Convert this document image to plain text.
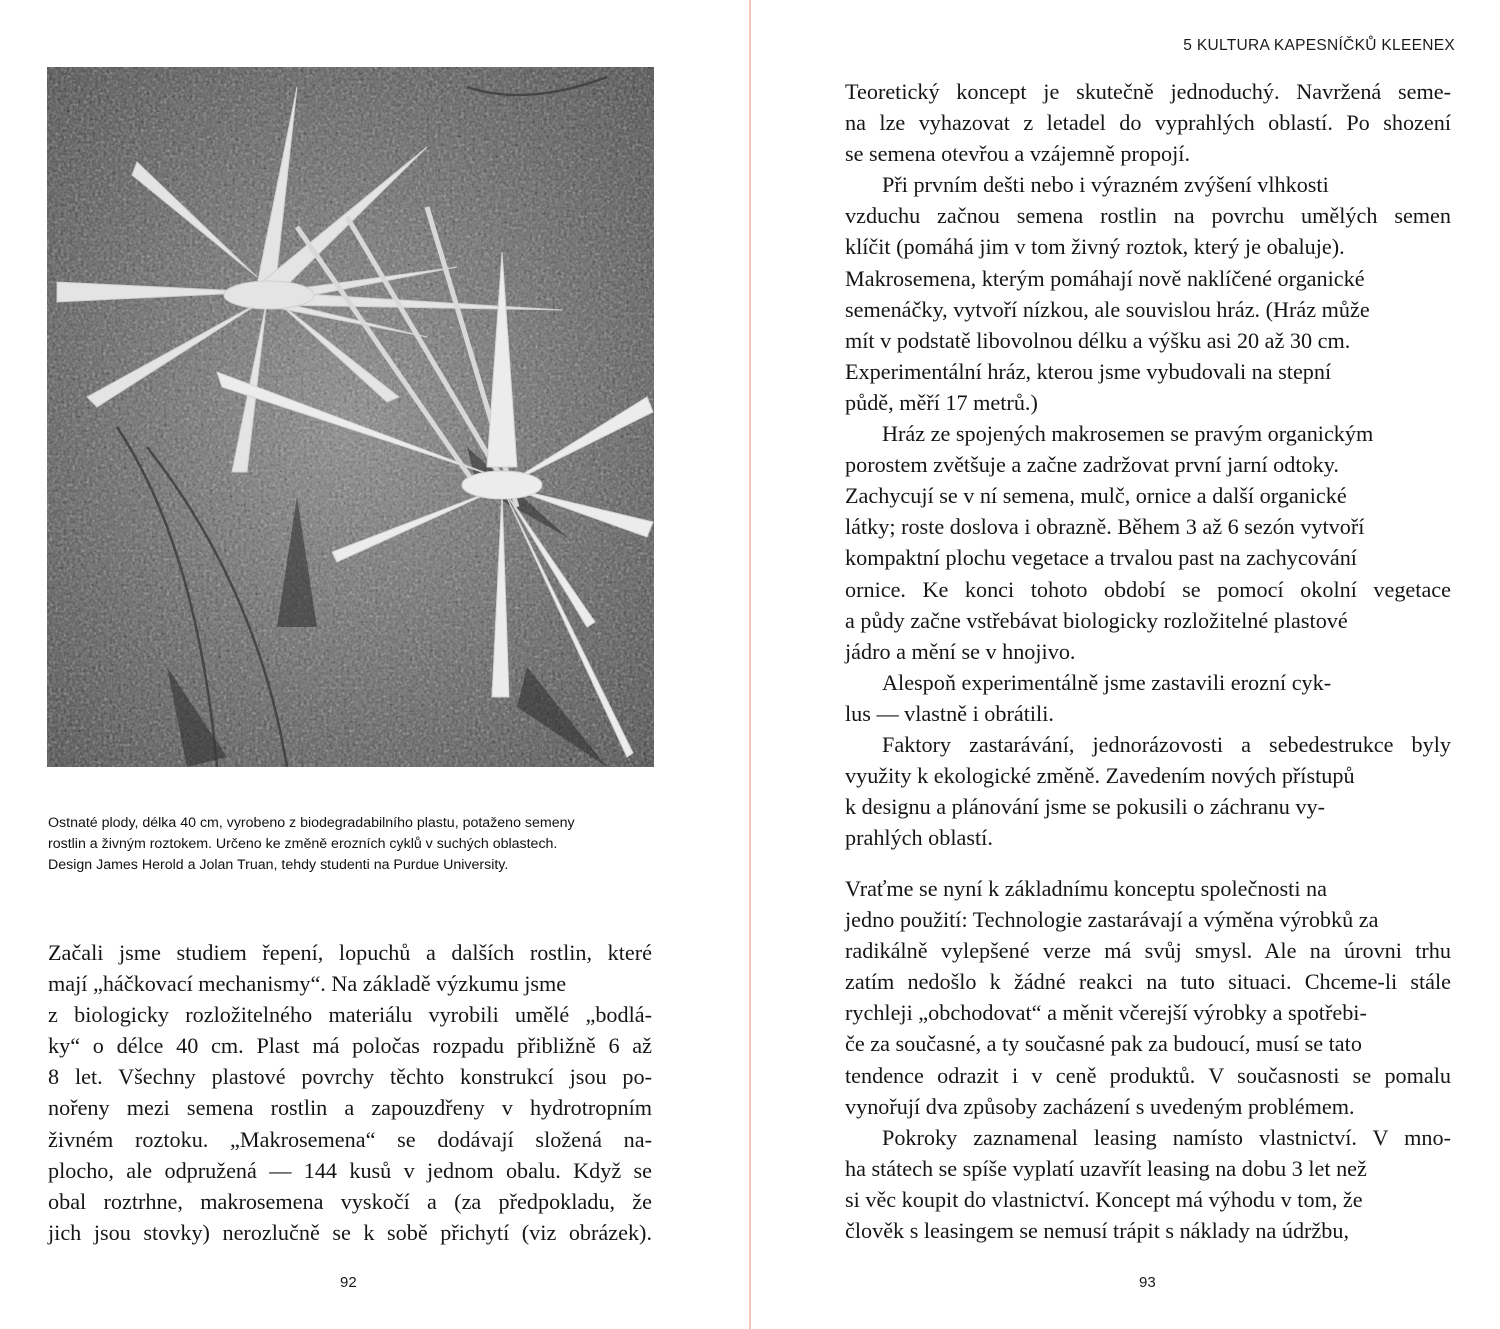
Ostnaté plody, délka 40 cm, vyrobeno z biodegradabilního plastu, potaženo semeny
rostlin a živným roztokem. Určeno ke změně erozních cyklů v suchých oblastech.
Design James Herold a Jolan Truan, tehdy studenti na Purdue University.
Začali jsme studiem řepení, lopuchů a dalších rostlin, které
mají „háčkovací mechanismy“. Na základě výzkumu jsme
z biologicky rozložitelného materiálu vyrobili umělé „bodlá-
ky“ o délce 40 cm. Plast má poločas rozpadu přibližně 6 až
8 let. Všechny plastové povrchy těchto konstrukcí jsou po-
nořeny mezi semena rostlin a zapouzdřeny v hydrotropním
živném roztoku. „Makrosemena“ se dodávají složená na-
plocho, ale odpružená — 144 kusů v jednom obalu. Když se
obal roztrhne, makrosemena vyskočí a (za předpokladu, že
jich jsou stovky) nerozlučně se k sobě přichytí (viz obrázek).
92
5 KULTURA KAPESNÍČKŮ KLEENEX
Teoretický koncept je skutečně jednoduchý. Navržená seme-
na lze vyhazovat z letadel do vyprahlých oblastí. Po shození
se semena otevřou a vzájemně propojí.
Při prvním dešti nebo i výrazném zvýšení vlhkosti
vzduchu začnou semena rostlin na povrchu umělých semen
klíčit (pomáhá jim v tom živný roztok, který je obaluje).
Makrosemena, kterým pomáhají nově naklíčené organické
semenáčky, vytvoří nízkou, ale souvislou hráz. (Hráz může
mít v podstatě libovolnou délku a výšku asi 20 až 30 cm.
Experimentální hráz, kterou jsme vybudovali na stepní
půdě, měří 17 metrů.)
Hráz ze spojených makrosemen se pravým organickým
porostem zvětšuje a začne zadržovat první jarní odtoky.
Zachycují se v ní semena, mulč, ornice a další organické
látky; roste doslova i obrazně. Během 3 až 6 sezón vytvoří
kompaktní plochu vegetace a trvalou past na zachycování
ornice. Ke konci tohoto období se pomocí okolní vegetace
a půdy začne vstřebávat biologicky rozložitelné plastové
jádro a mění se v hnojivo.
Alespoň experimentálně jsme zastavili erozní cyk-
lus — vlastně i obrátili.
Faktory zastarávání, jednorázovosti a sebedestrukce byly
využity k ekologické změně. Zavedením nových přístupů
k designu a plánování jsme se pokusili o záchranu vy-
prahlých oblastí.
Vraťme se nyní k základnímu konceptu společnosti na
jedno použití: Technologie zastarávají a výměna výrobků za
radikálně vylepšené verze má svůj smysl. Ale na úrovni trhu
zatím nedošlo k žádné reakci na tuto situaci. Chceme-li stále
rychleji „obchodovat“ a měnit včerejší výrobky a spotřebi-
če za současné, a ty současné pak za budoucí, musí se tato
tendence odrazit i v ceně produktů. V současnosti se pomalu
vynořují dva způsoby zacházení s uvedeným problémem.
Pokroky zaznamenal leasing namísto vlastnictví. V mno-
ha státech se spíše vyplatí uzavřít leasing na dobu 3 let než
si věc koupit do vlastnictví. Koncept má výhodu v tom, že
člověk s leasingem se nemusí trápit s náklady na údržbu,
93
